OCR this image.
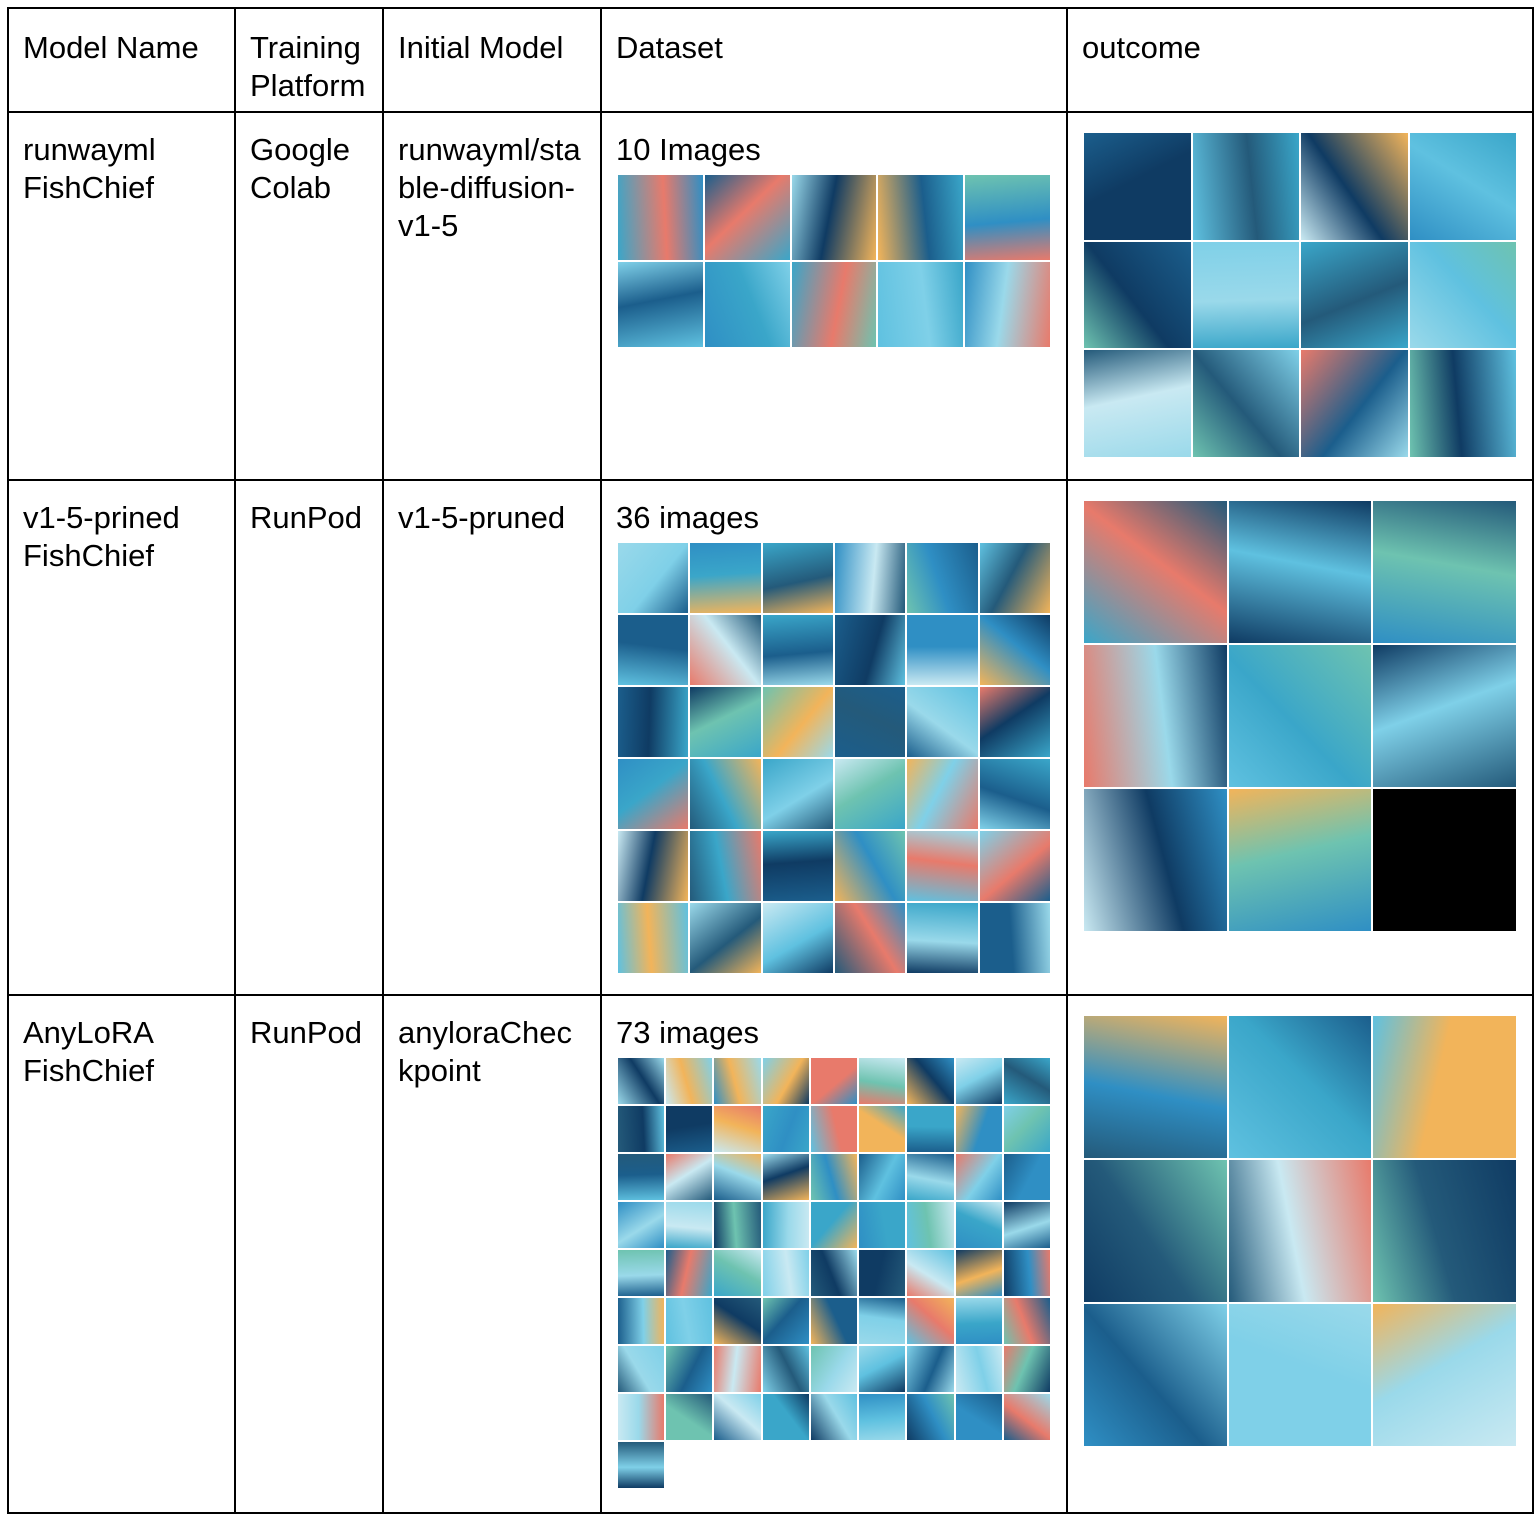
Model Name	Training Platform	Initial Model	Dataset	outcome

runwayml FishChief	Google Colab	runwayml/stable-diffusion-v1-5	10 Images	

v1-5-prined FishChief	RunPod	v1-5-pruned	36 images	

AnyLoRA FishChief	RunPod	anyloraCheckpoint	73 images	
